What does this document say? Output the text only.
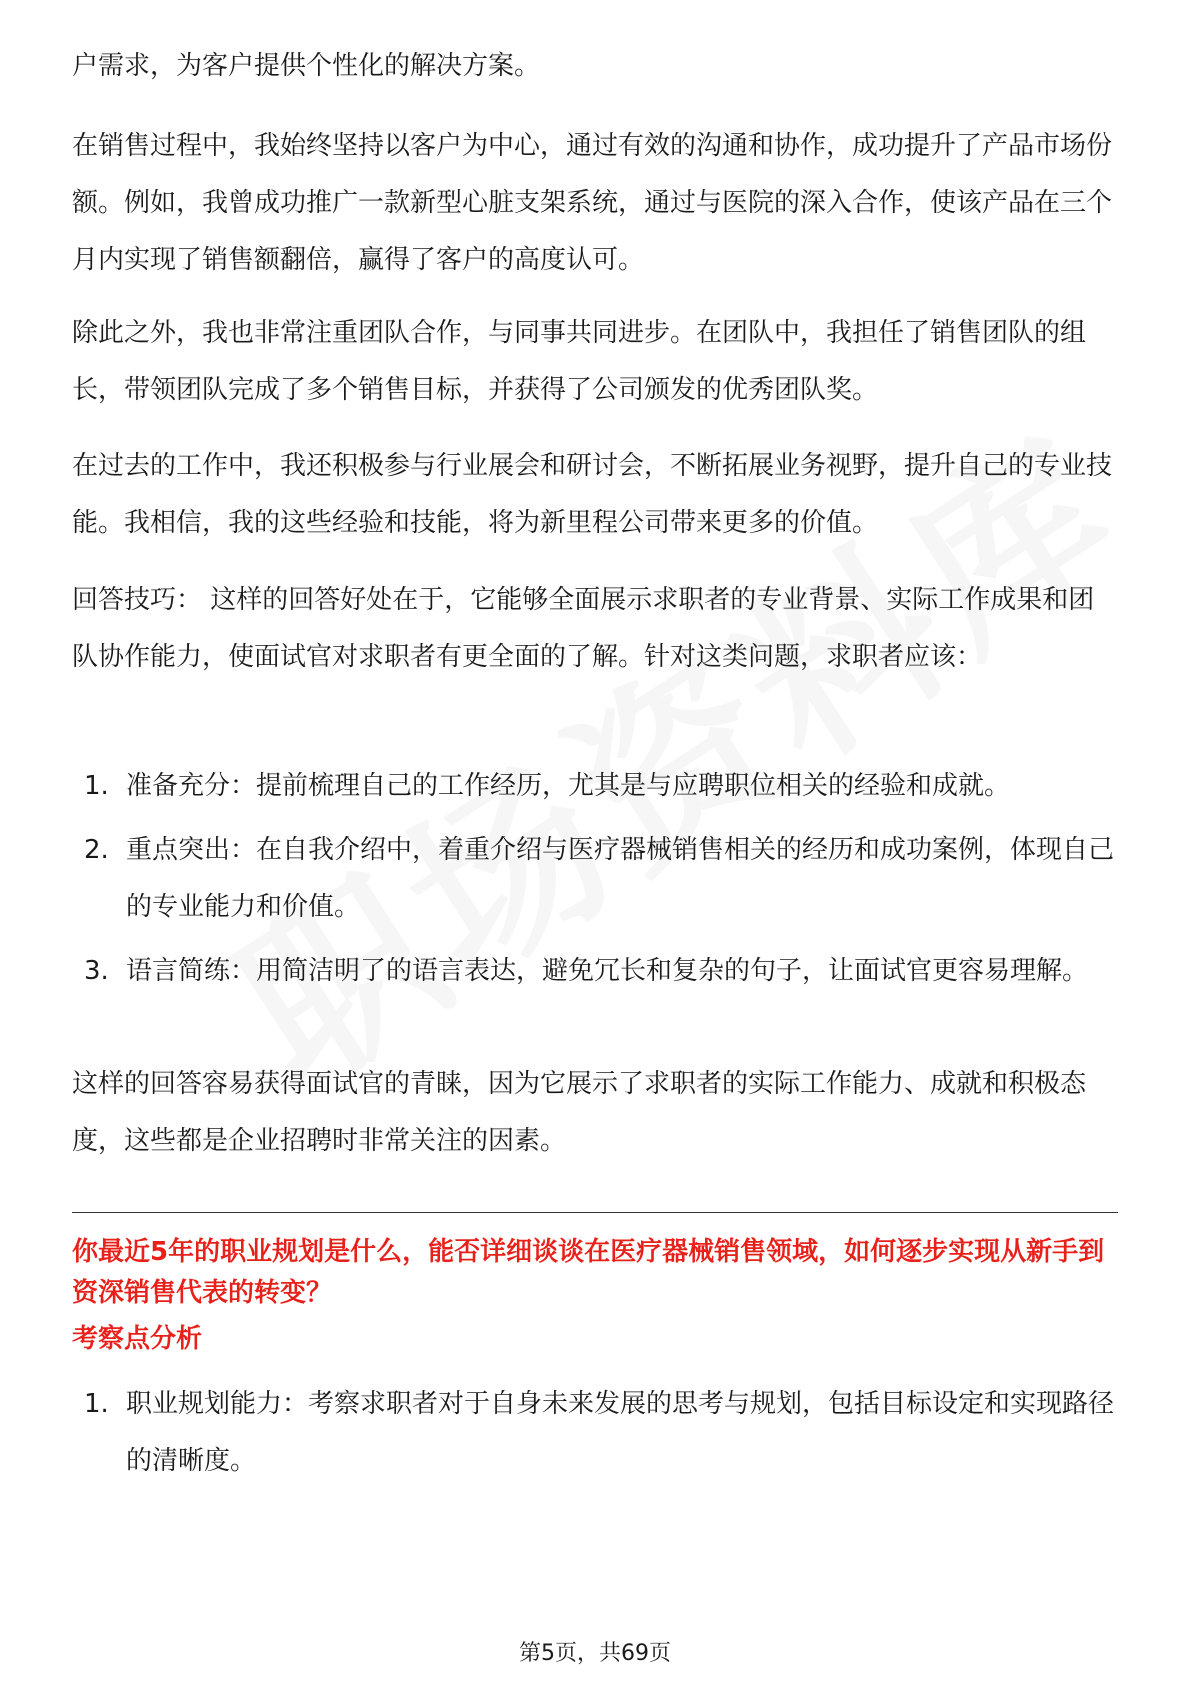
户需求，为客户提供个性化的解决方案。

在销售过程中，我始终坚持以客户为中心，通过有效的沟通和协作，成功提升了产品市场份额。例如，我曾成功推广一款新型心脏支架系统，通过与医院的深入合作，使该产品在三个月内实现了销售额翻倍，赢得了客户的高度认可。

除此之外，我也非常注重团队合作，与同事共同进步。在团队中，我担任了销售团队的组长，带领团队完成了多个销售目标，并获得了公司颁发的优秀团队奖。

在过去的工作中，我还积极参与行业展会和研讨会，不断拓展业务视野，提升自己的专业技能。我相信，我的这些经验和技能，将为新里程公司带来更多的价值。

回答技巧： 这样的回答好处在于，它能够全面展示求职者的专业背景、实际工作成果和团队协作能力，使面试官对求职者有更全面的了解。针对这类问题，求职者应该：

1. 准备充分：提前梳理自己的工作经历，尤其是与应聘职位相关的经验和成就。
2. 重点突出：在自我介绍中，着重介绍与医疗器械销售相关的经历和成功案例，体现自己的专业能力和价值。
3. 语言简练：用简洁明了的语言表达，避免冗长和复杂的句子，让面试官更容易理解。

这样的回答容易获得面试官的青睐，因为它展示了求职者的实际工作能力、成就和积极态度，这些都是企业招聘时非常关注的因素。

你最近5年的职业规划是什么，能否详细谈谈在医疗器械销售领域，如何逐步实现从新手到资深销售代表的转变？

考察点分析

1. 职业规划能力：考察求职者对于自身未来发展的思考与规划，包括目标设定和实现路径的清晰度。
第5页，共69页
